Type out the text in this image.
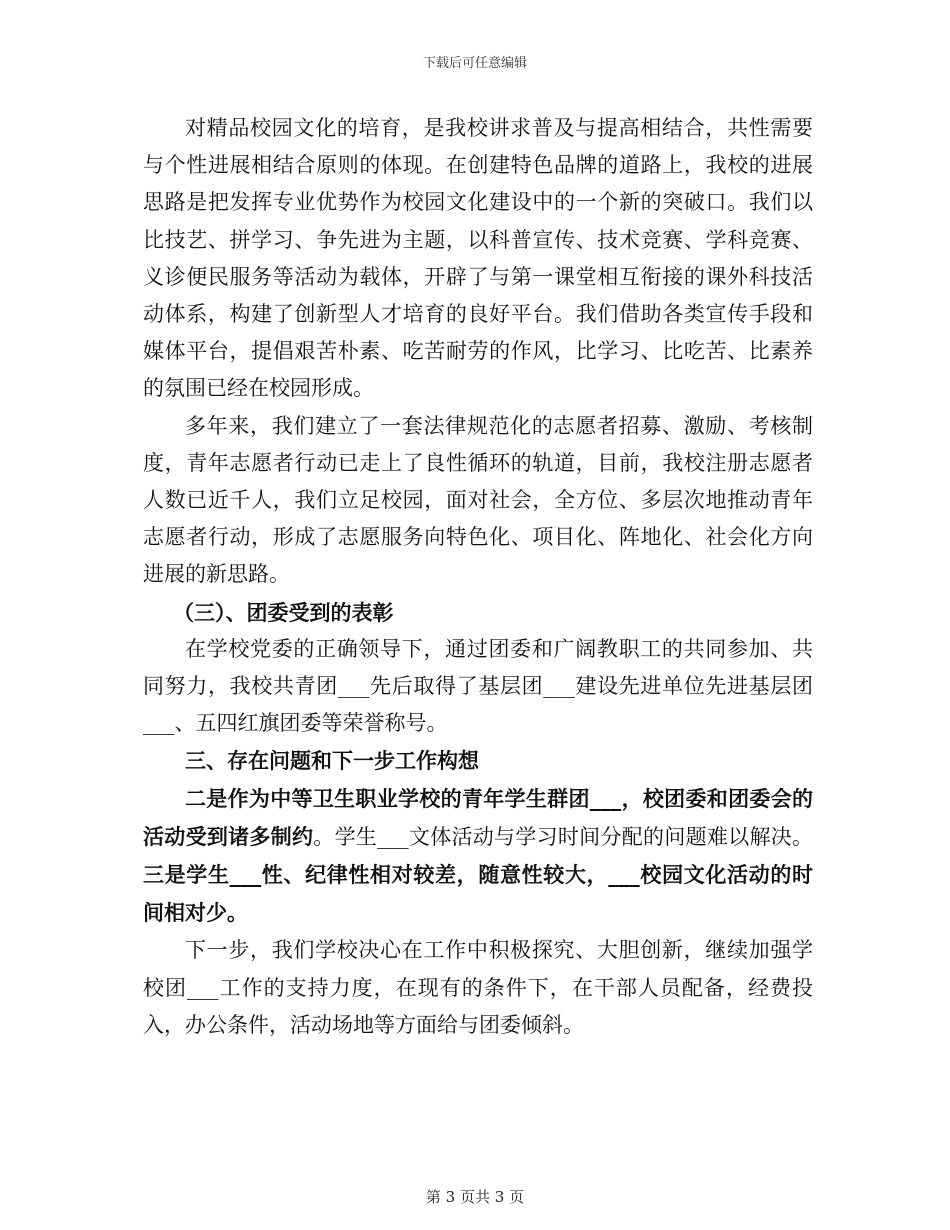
下载后可任意编辑

对精品校园文化的培育，是我校讲求普及与提高相结合，共性需要与个性进展相结合原则的体现。在创建特色品牌的道路上，我校的进展思路是把发挥专业优势作为校园文化建设中的一个新的突破口。我们以比技艺、拼学习、争先进为主题，以科普宣传、技术竞赛、学科竞赛、义诊便民服务等活动为载体，开辟了与第一课堂相互衔接的课外科技活动体系，构建了创新型人才培育的良好平台。我们借助各类宣传手段和媒体平台，提倡艰苦朴素、吃苦耐劳的作风，比学习、比吃苦、比素养的氛围已经在校园形成。

多年来，我们建立了一套法律规范化的志愿者招募、激励、考核制度，青年志愿者行动已走上了良性循环的轨道，目前，我校注册志愿者人数已近千人，我们立足校园，面对社会，全方位、多层次地推动青年志愿者行动，形成了志愿服务向特色化、项目化、阵地化、社会化方向进展的新思路。

（三）、团委受到的表彰

在学校党委的正确领导下，通过团委和广阔教职工的共同参加、共同努力，我校共青团___先后取得了基层团___建设先进单位先进基层团___、五四红旗团委等荣誉称号。

三、存在问题和下一步工作构想

二是作为中等卫生职业学校的青年学生群团___，校团委和团委会的活动受到诸多制约。学生___文体活动与学习时间分配的问题难以解决。三是学生___性、纪律性相对较差，随意性较大，___校园文化活动的时间相对少。

下一步，我们学校决心在工作中积极探究、大胆创新，继续加强学校团___工作的支持力度，在现有的条件下，在干部人员配备，经费投入，办公条件，活动场地等方面给与团委倾斜。

第 3 页共 3 页
